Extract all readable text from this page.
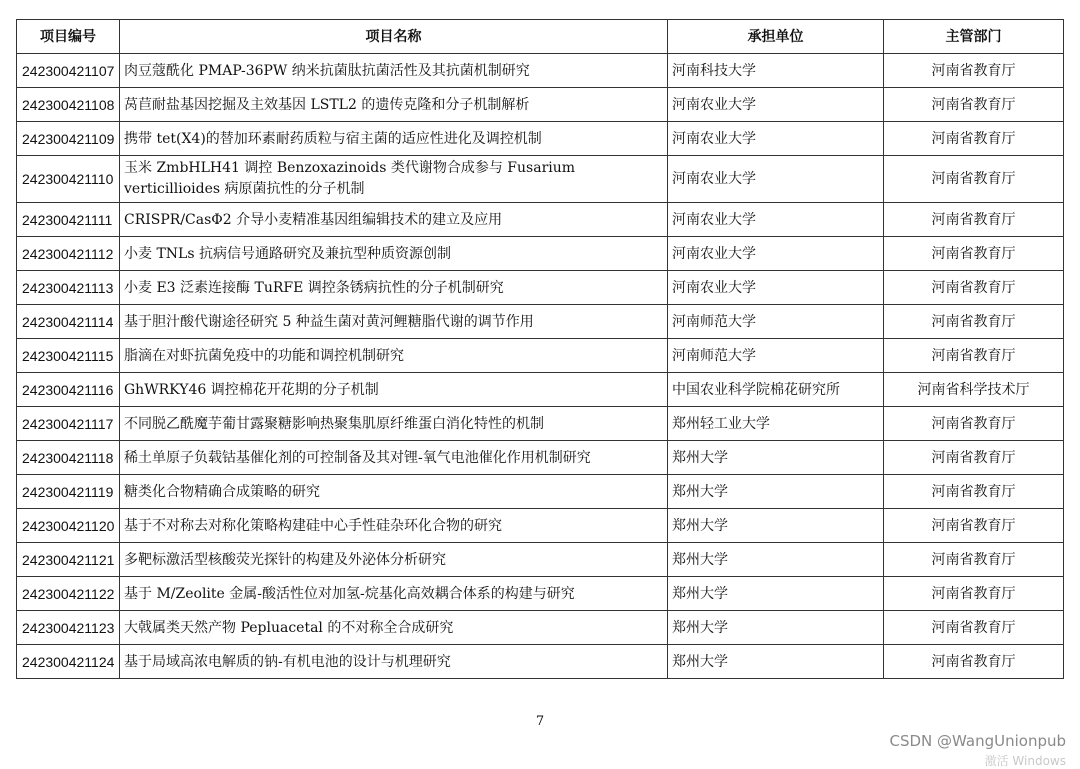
项目编号	项目名称	承担单位	主管部门
242300421107	肉豆蔻酰化 PMAP-36PW 纳米抗菌肽抗菌活性及其抗菌机制研究	河南科技大学	河南省教育厅
242300421108	莴苣耐盐基因挖掘及主效基因 LSTL2 的遗传克隆和分子机制解析	河南农业大学	河南省教育厅
242300421109	携带 tet(X4)的替加环素耐药质粒与宿主菌的适应性进化及调控机制	河南农业大学	河南省教育厅
242300421110	玉米 ZmbHLH41 调控 Benzoxazinoids 类代谢物合成参与 Fusarium verticillioides 病原菌抗性的分子机制	河南农业大学	河南省教育厅
242300421111	CRISPR/CasΦ2 介导小麦精准基因组编辑技术的建立及应用	河南农业大学	河南省教育厅
242300421112	小麦 TNLs 抗病信号通路研究及兼抗型种质资源创制	河南农业大学	河南省教育厅
242300421113	小麦 E3 泛素连接酶 TuRFE 调控条锈病抗性的分子机制研究	河南农业大学	河南省教育厅
242300421114	基于胆汁酸代谢途径研究 5 种益生菌对黄河鲤糖脂代谢的调节作用	河南师范大学	河南省教育厅
242300421115	脂滴在对虾抗菌免疫中的功能和调控机制研究	河南师范大学	河南省教育厅
242300421116	GhWRKY46 调控棉花开花期的分子机制	中国农业科学院棉花研究所	河南省科学技术厅
242300421117	不同脱乙酰魔芋葡甘露聚糖影响热聚集肌原纤维蛋白消化特性的机制	郑州轻工业大学	河南省教育厅
242300421118	稀土单原子负载钴基催化剂的可控制备及其对锂-氧气电池催化作用机制研究	郑州大学	河南省教育厅
242300421119	糖类化合物精确合成策略的研究	郑州大学	河南省教育厅
242300421120	基于不对称去对称化策略构建硅中心手性硅杂环化合物的研究	郑州大学	河南省教育厅
242300421121	多靶标激活型核酸荧光探针的构建及外泌体分析研究	郑州大学	河南省教育厅
242300421122	基于 M/Zeolite 金属-酸活性位对加氢-烷基化高效耦合体系的构建与研究	郑州大学	河南省教育厅
242300421123	大戟属类天然产物 Pepluacetal 的不对称全合成研究	郑州大学	河南省教育厅
242300421124	基于局域高浓电解质的钠-有机电池的设计与机理研究	郑州大学	河南省教育厅
7
CSDN @WangUnionpub
激活 Windows
